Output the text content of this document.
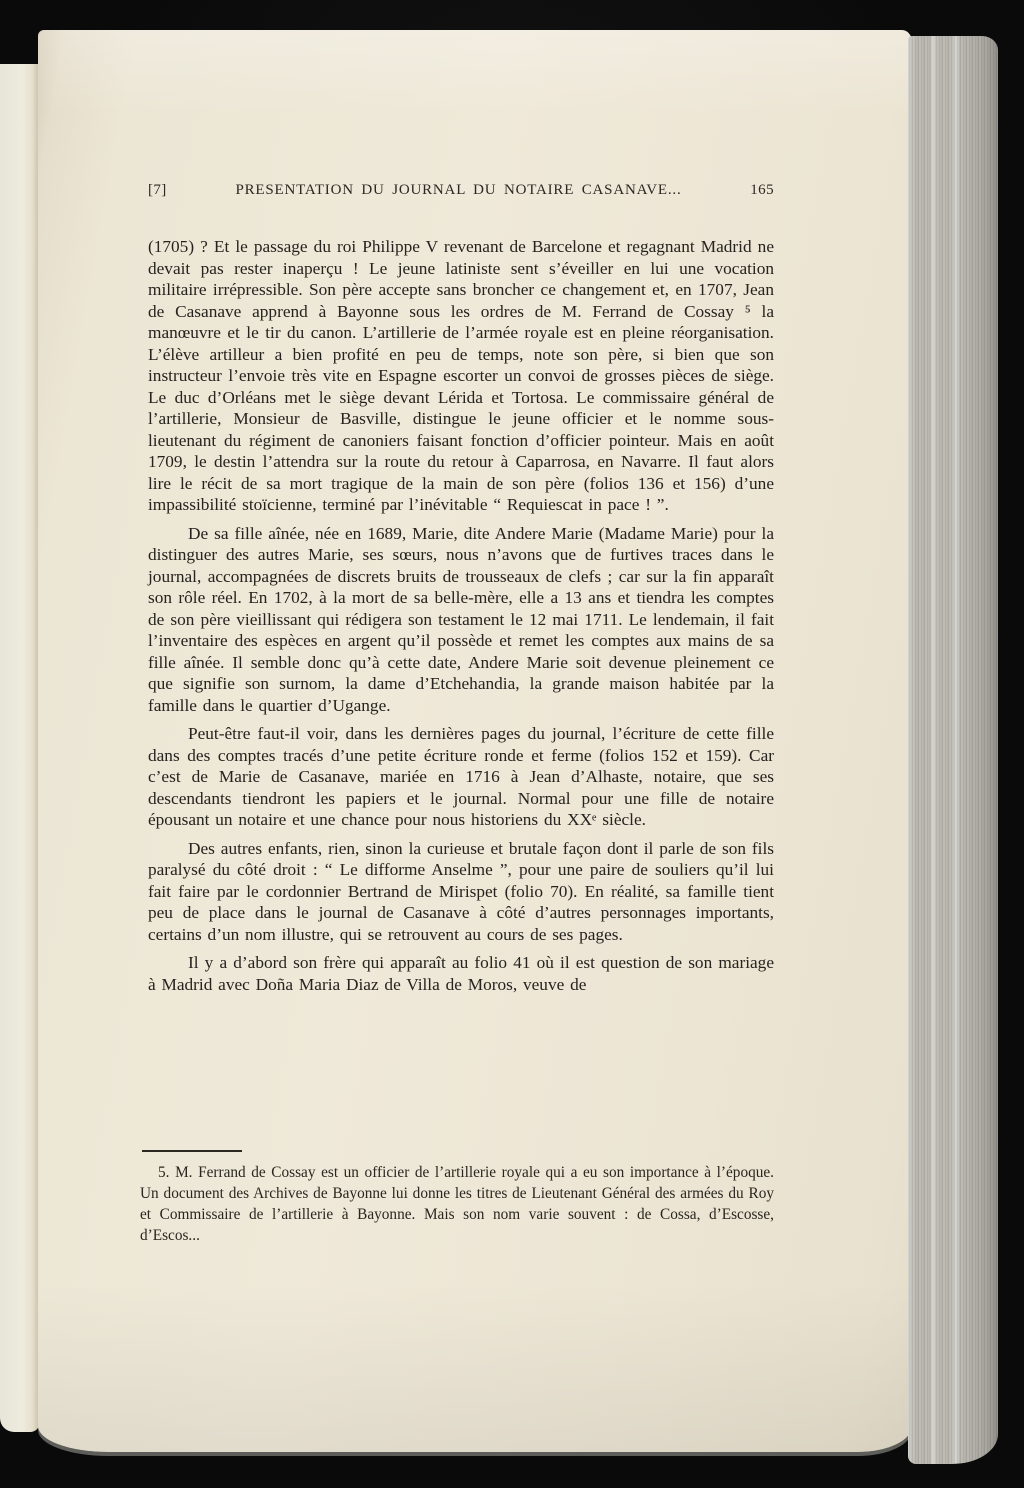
[7]	PRESENTATION DU JOURNAL DU NOTAIRE CASANAVE...	165

(1705) ? Et le passage du roi Philippe V revenant de Barcelone et regagnant Madrid ne devait pas rester inaperçu ! Le jeune latiniste sent s’éveiller en lui une vocation militaire irrépressible. Son père accepte sans broncher ce changement et, en 1707, Jean de Casanave apprend à Bayonne sous les ordres de M. Ferrand de Cossay ⁵ la manœuvre et le tir du canon. L’artillerie de l’armée royale est en pleine réorganisation. L’élève artilleur a bien profité en peu de temps, note son père, si bien que son instructeur l’envoie très vite en Espagne escorter un convoi de grosses pièces de siège. Le duc d’Orléans met le siège devant Lérida et Tortosa. Le commissaire général de l’artillerie, Monsieur de Basville, distingue le jeune officier et le nomme sous-lieutenant du régiment de canoniers faisant fonction d’officier pointeur. Mais en août 1709, le destin l’attendra sur la route du retour à Caparrosa, en Navarre. Il faut alors lire le récit de sa mort tragique de la main de son père (folios 136 et 156) d’une impassibilité stoïcienne, terminé par l’inévitable “ Requiescat in pace ! ”.

De sa fille aînée, née en 1689, Marie, dite Andere Marie (Madame Marie) pour la distinguer des autres Marie, ses sœurs, nous n’avons que de furtives traces dans le journal, accompagnées de discrets bruits de trousseaux de clefs ; car sur la fin apparaît son rôle réel. En 1702, à la mort de sa belle-mère, elle a 13 ans et tiendra les comptes de son père vieillissant qui rédigera son testament le 12 mai 1711. Le lendemain, il fait l’inventaire des espèces en argent qu’il possède et remet les comptes aux mains de sa fille aînée. Il semble donc qu’à cette date, Andere Marie soit devenue pleinement ce que signifie son surnom, la dame d’Etchehandia, la grande maison habitée par la famille dans le quartier d’Ugange.

Peut-être faut-il voir, dans les dernières pages du journal, l’écriture de cette fille dans des comptes tracés d’une petite écriture ronde et ferme (folios 152 et 159). Car c’est de Marie de Casanave, mariée en 1716 à Jean d’Alhaste, notaire, que ses descendants tiendront les papiers et le journal. Normal pour une fille de notaire épousant un notaire et une chance pour nous historiens du XXᵉ siècle.

Des autres enfants, rien, sinon la curieuse et brutale façon dont il parle de son fils paralysé du côté droit : “ Le difforme Anselme ”, pour une paire de souliers qu’il lui fait faire par le cordonnier Bertrand de Mirispet (folio 70). En réalité, sa famille tient peu de place dans le journal de Casanave à côté d’autres personnages importants, certains d’un nom illustre, qui se retrouvent au cours de ses pages.

Il y a d’abord son frère qui apparaît au folio 41 où il est question de son mariage à Madrid avec Doña Maria Diaz de Villa de Moros, veuve de

5. M. Ferrand de Cossay est un officier de l’artillerie royale qui a eu son importance à l’époque. Un document des Archives de Bayonne lui donne les titres de Lieutenant Général des armées du Roy et Commissaire de l’artillerie à Bayonne. Mais son nom varie souvent : de Cossa, d’Escosse, d’Escos...
